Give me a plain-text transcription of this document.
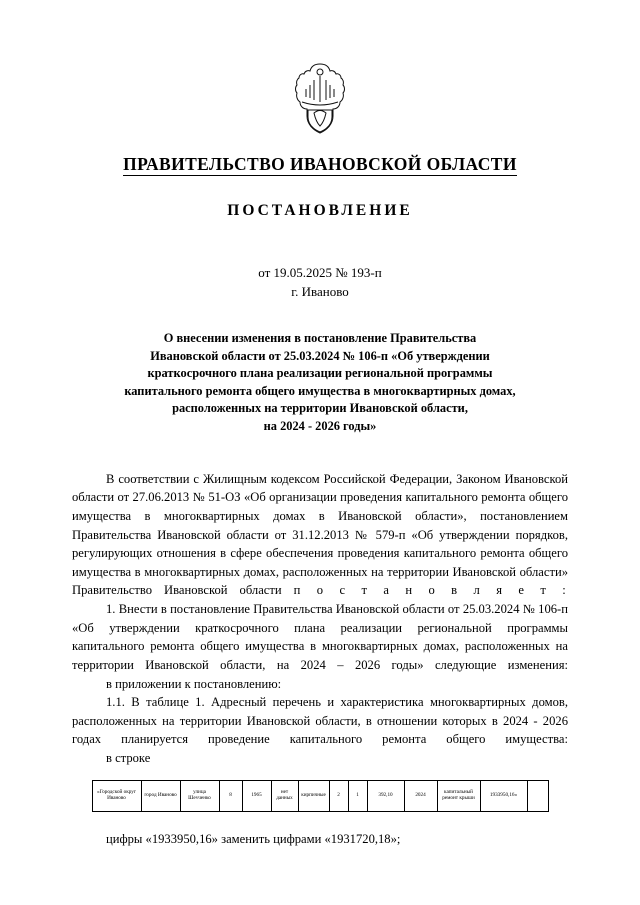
ПРАВИТЕЛЬСТВО ИВАНОВСКОЙ ОБЛАСТИ
ПОСТАНОВЛЕНИЕ
от 19.05.2025 № 193-п
г. Иваново
О внесении изменения в постановление Правительства
Ивановской области от 25.03.2024 № 106-п «Об утверждении
краткосрочного плана реализации региональной программы
капитального ремонта общего имущества в многоквартирных домах,
расположенных на территории Ивановской области,
на 2024 - 2026 годы»

В соответствии с Жилищным кодексом Российской Федерации, Законом Ивановской области от 27.06.2013 № 51-ОЗ «Об организации проведения капитального ремонта общего имущества в многоквартирных домах в Ивановской области», постановлением Правительства Ивановской области от 31.12.2013 № 579-п «Об утверждении порядков, регулирующих отношения в сфере обеспечения проведения капитального ремонта общего имущества в многоквартирных домах, расположенных на территории Ивановской области» Правительство Ивановской области п о с т а н о в л я е т :

1. Внести в постановление Правительства Ивановской области от 25.03.2024 № 106-п «Об утверждении краткосрочного плана реализации региональной программы капитального ремонта общего имущества в многоквартирных домах, расположенных на территории Ивановской области, на 2024 – 2026 годы» следующие изменения:

в приложении к постановлению:

1.1. В таблице 1. Адресный перечень и характеристика многоквартирных домов, расположенных на территории Ивановской области, в отношении которых в 2024 - 2026 годах планируется проведение капитального ремонта общего имущества:

в строке

«Городской округ Иваново	город Иваново	улица Шevченко	8	1965	нет данных	кирпичные	2	1	392,10	2024	капитальный ремонт крыши	1933950,16»	
цифры «1933950,16» заменить цифрами «1931720,18»;
